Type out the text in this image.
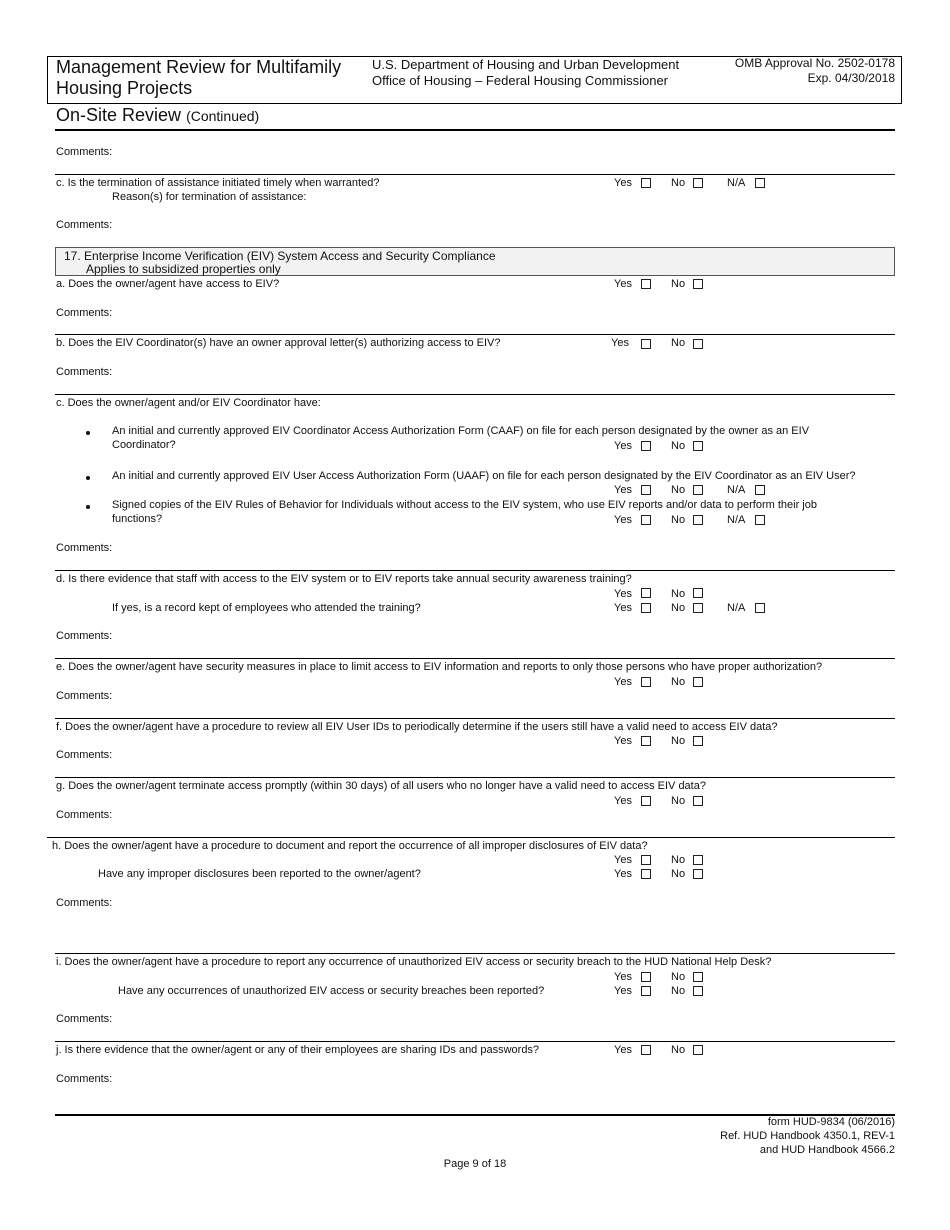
Management Review for Multifamily
Housing Projects
U.S. Department of Housing and Urban Development
Office of Housing – Federal Housing Commissioner
OMB Approval No. 2502-0178
Exp. 04/30/2018
On-Site Review (Continued)
Comments:
c. Is the termination of assistance initiated timely when warranted?
Reason(s) for termination of assistance:
Yes	No	N/A
Comments:
17. Enterprise Income Verification (EIV) System Access and Security Compliance
Applies to subsidized properties only
a. Does the owner/agent have access to EIV?	Yes	No
Comments:
b. Does the EIV Coordinator(s) have an owner approval letter(s) authorizing access to EIV?	Yes	No
Comments:
c. Does the owner/agent and/or EIV Coordinator have:
An initial and currently approved EIV Coordinator Access Authorization Form (CAAF) on file for each person designated by the owner as an EIV
Coordinator?	Yes	No
An initial and currently approved EIV User Access Authorization Form (UAAF) on file for each person designated by the EIV Coordinator as an EIV User?
Yes	No	N/A
Signed copies of the EIV Rules of Behavior for Individuals without access to the EIV system, who use EIV reports and/or data to perform their job
functions?	Yes	No	N/A
Comments:
d. Is there evidence that staff with access to the EIV system or to EIV reports take annual security awareness training?
Yes	No
If yes, is a record kept of employees who attended the training?	Yes	No	N/A
Comments:
e. Does the owner/agent have security measures in place to limit access to EIV information and reports to only those persons who have proper authorization?
Yes	No
Comments:
f. Does the owner/agent have a procedure to review all EIV User IDs to periodically determine if the users still have a valid need to access EIV data?
Yes	No
Comments:
g. Does the owner/agent terminate access promptly (within 30 days) of all users who no longer have a valid need to access EIV data?
Yes	No
Comments:
h. Does the owner/agent have a procedure to document and report the occurrence of all improper disclosures of EIV data?
Yes	No
Have any improper disclosures been reported to the owner/agent?	Yes	No
Comments:
i. Does the owner/agent have a procedure to report any occurrence of unauthorized EIV access or security breach to the HUD National Help Desk?
Yes	No
Have any occurrences of unauthorized EIV access or security breaches been reported?	Yes	No
Comments:
j. Is there evidence that the owner/agent or any of their employees are sharing IDs and passwords?	Yes	No
Comments:
form HUD-9834 (06/2016)
Ref. HUD Handbook 4350.1, REV-1
and HUD Handbook 4566.2
Page 9 of 18
